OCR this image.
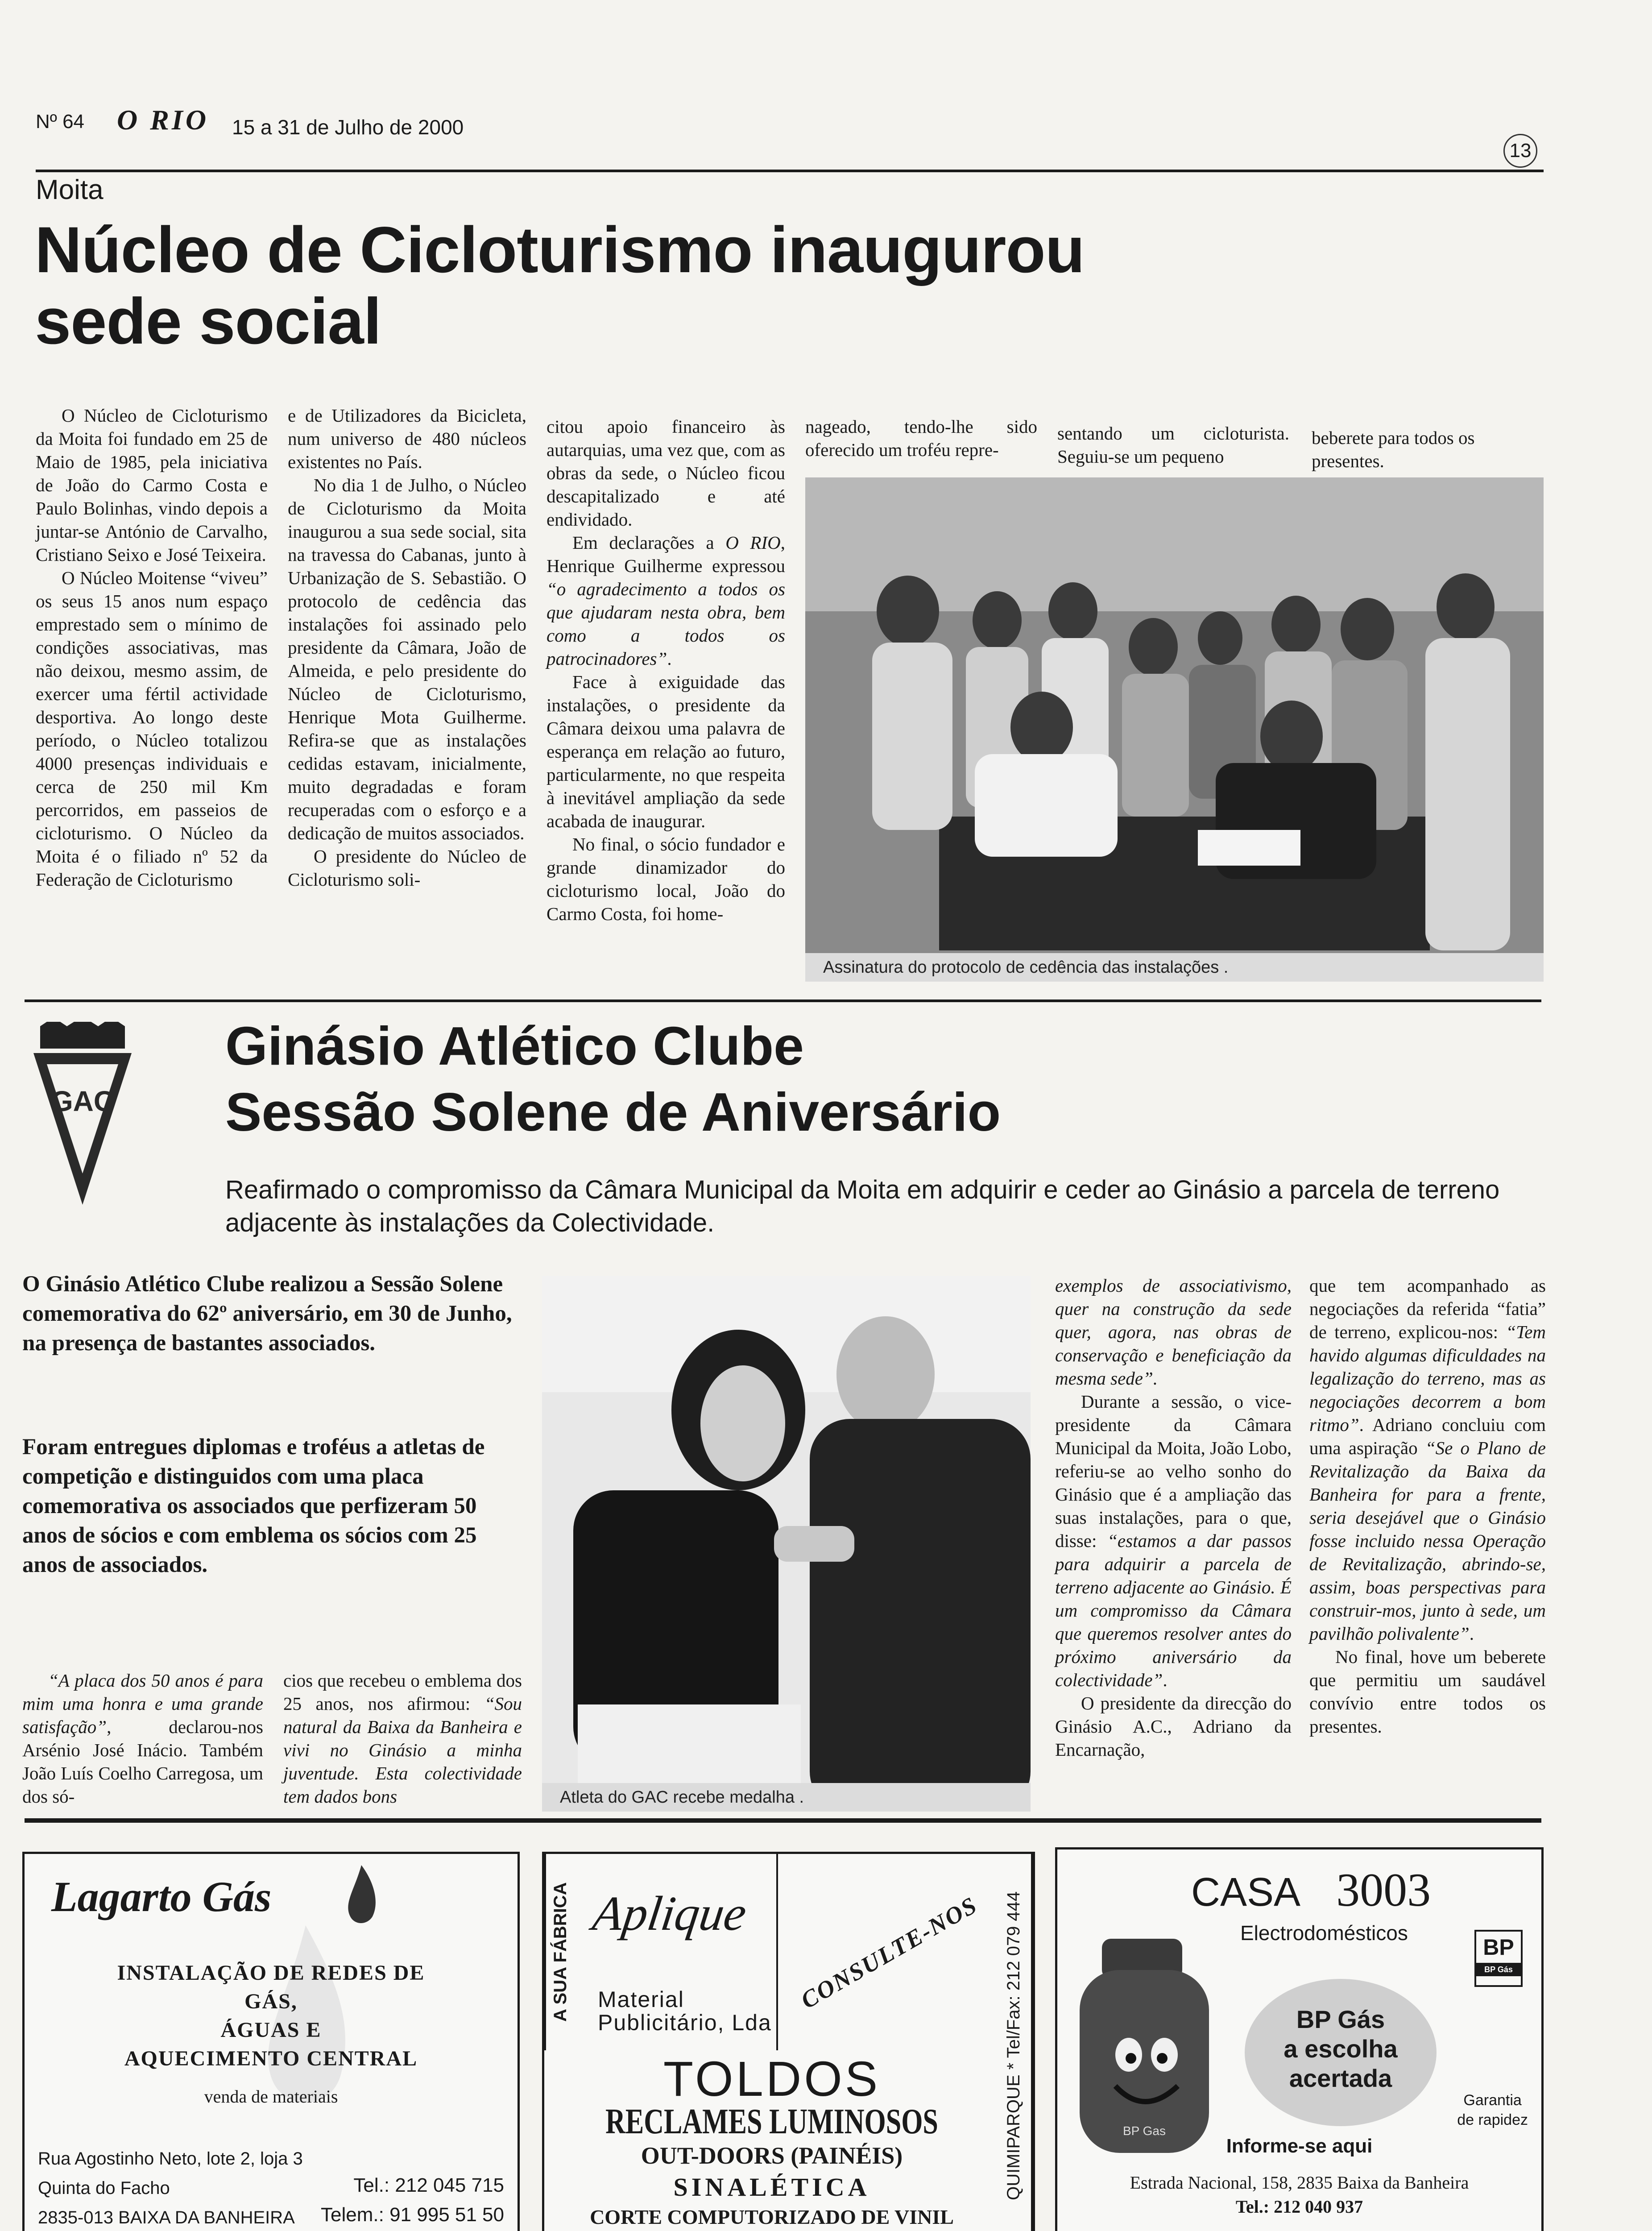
Nº 64 O RIO 15 a 31 de Julho de 2000
13
Moita
Núcleo de Cicloturismo inaugurou
sede social

O Núcleo de Cicloturismo da Moita foi fundado em 25 de Maio de 1985, pela iniciativa de João do Carmo Costa e Paulo Bolinhas, vindo depois a juntar-se António de Carvalho, Cristiano Seixo e José Teixeira.

O Núcleo Moitense “viveu” os seus 15 anos num espaço emprestado sem o mínimo de condições associativas, mas não deixou, mesmo assim, de exercer uma fértil actividade desportiva. Ao longo deste período, o Núcleo totalizou 4000 presenças individuais e cerca de 250 mil Km percorridos, em passeios de cicloturismo. O Núcleo da Moita é o filiado nº 52 da Federação de Cicloturismo

e de Utilizadores da Bicicleta, num universo de 480 núcleos existentes no País.

No dia 1 de Julho, o Núcleo de Cicloturismo da Moita inaugurou a sua sede social, sita na travessa do Cabanas, junto à Urbanização de S. Sebastião. O protocolo de cedência das instalações foi assinado pelo presidente da Câmara, João de Almeida, e pelo presidente do Núcleo de Cicloturismo, Henrique Mota Guilherme. Refira-se que as instalações cedidas estavam, inicialmente, muito degradadas e foram recuperadas com o esforço e a dedicação de muitos associados.

O presidente do Núcleo de Cicloturismo soli-

citou apoio financeiro às autarquias, uma vez que, com as obras da sede, o Núcleo ficou descapitalizado e até endividado.

Em declarações a O RIO, Henrique Guilherme expressou “o agradecimento a todos os que ajudaram nesta obra, bem como a todos os patrocinadores”.

Face à exiguidade das instalações, o presidente da Câmara deixou uma palavra de esperança em relação ao futuro, particularmente, no que respeita à inevitável ampliação da sede acabada de inaugurar.

No final, o sócio fundador e grande dinamizador do cicloturismo local, João do Carmo Costa, foi home-

nageado, tendo-lhe sido oferecido um troféu repre-

sentando um cicloturista. Seguiu-se um pequeno

beberete para todos os presentes.

Assinatura do protocolo de cedência das instalações .
GAC
Ginásio Atlético Clube
Sessão Solene de Aniversário
Reafirmado o compromisso da Câmara Municipal da Moita em adquirir e ceder ao Ginásio a parcela de terreno adjacente às instalações da Colectividade.
O Ginásio Atlético Clube realizou a Sessão Solene comemorativa do 62º aniversário, em 30 de Junho, na presença de bastantes associados.
Foram entregues diplomas e troféus a atletas de competição e distinguidos com uma placa comemorativa os associados que perfizeram 50 anos de sócios e com emblema os sócios com 25 anos de associados.

“A placa dos 50 anos é para mim uma honra e uma grande satisfação”, declarou-nos Arsénio José Inácio. Também João Luís Coelho Carregosa, um dos só-

cios que recebeu o emblema dos 25 anos, nos afirmou: “Sou natural da Baixa da Banheira e vivi no Ginásio a minha juventude. Esta colectividade tem dados bons	Atleta do GAC recebe medalha .

exemplos de associativismo, quer na construção da sede quer, agora, nas obras de conservação e beneficiação da mesma sede”.

Durante a sessão, o vice-presidente da Câmara Municipal da Moita, João Lobo, referiu-se ao velho sonho do Ginásio que é a ampliação das suas instalações, para o que, disse: “estamos a dar passos para adquirir a parcela de terreno adjacente ao Ginásio. É um compromisso da Câmara que queremos resolver antes do próximo aniversário da colectividade”.

O presidente da direcção do Ginásio A.C., Adriano da Encarnação,

que tem acompanhado as negociações da referida “fatia” de terreno, explicou-nos: “Tem havido algumas dificuldades na legalização do terreno, mas as negociações decorrem a bom ritmo”. Adriano concluiu com uma aspiração “Se o Plano de Revitalização da Baixa da Banheira for para a frente, seria desejável que o Ginásio fosse incluido nessa Operação de Revitalização, abrindo-se, assim, boas perspectivas para construir-mos, junto à sede, um pavilhão polivalente”.

No final, hove um beberete que permitiu um saudável convívio entre todos os presentes.

Lagarto Gás
INSTALAÇÃO DE REDES DE
GÁS,
ÁGUAS E
AQUECIMENTO CENTRAL
venda de materiais
Rua Agostinho Neto, lote 2, loja 3
Quinta do Facho
2835-013 BAIXA DA BANHEIRA
Tel.: 212 045 715
Telem.: 91 995 51 50
A SUA FÁBRICA Aplique
Material
Publicitário, Lda
CONSULTE-NOS	QUIMIPARQUE * Tel/Fax: 212 079 444
TOLDOS
RECLAMES LUMINOSOS
OUT-DOORS (PAINÉIS)
SINALÉTICA
CORTE COMPUTORIZADO DE VINIL
CASA 3003
Electrodomésticos
BP
BP Gás
BP Gas
BP Gás
a escolha
acertada
Garantia
de rapidez
Informe-se aqui
Estrada Nacional, 158, 2835 Baixa da Banheira
Tel.: 212 040 937
